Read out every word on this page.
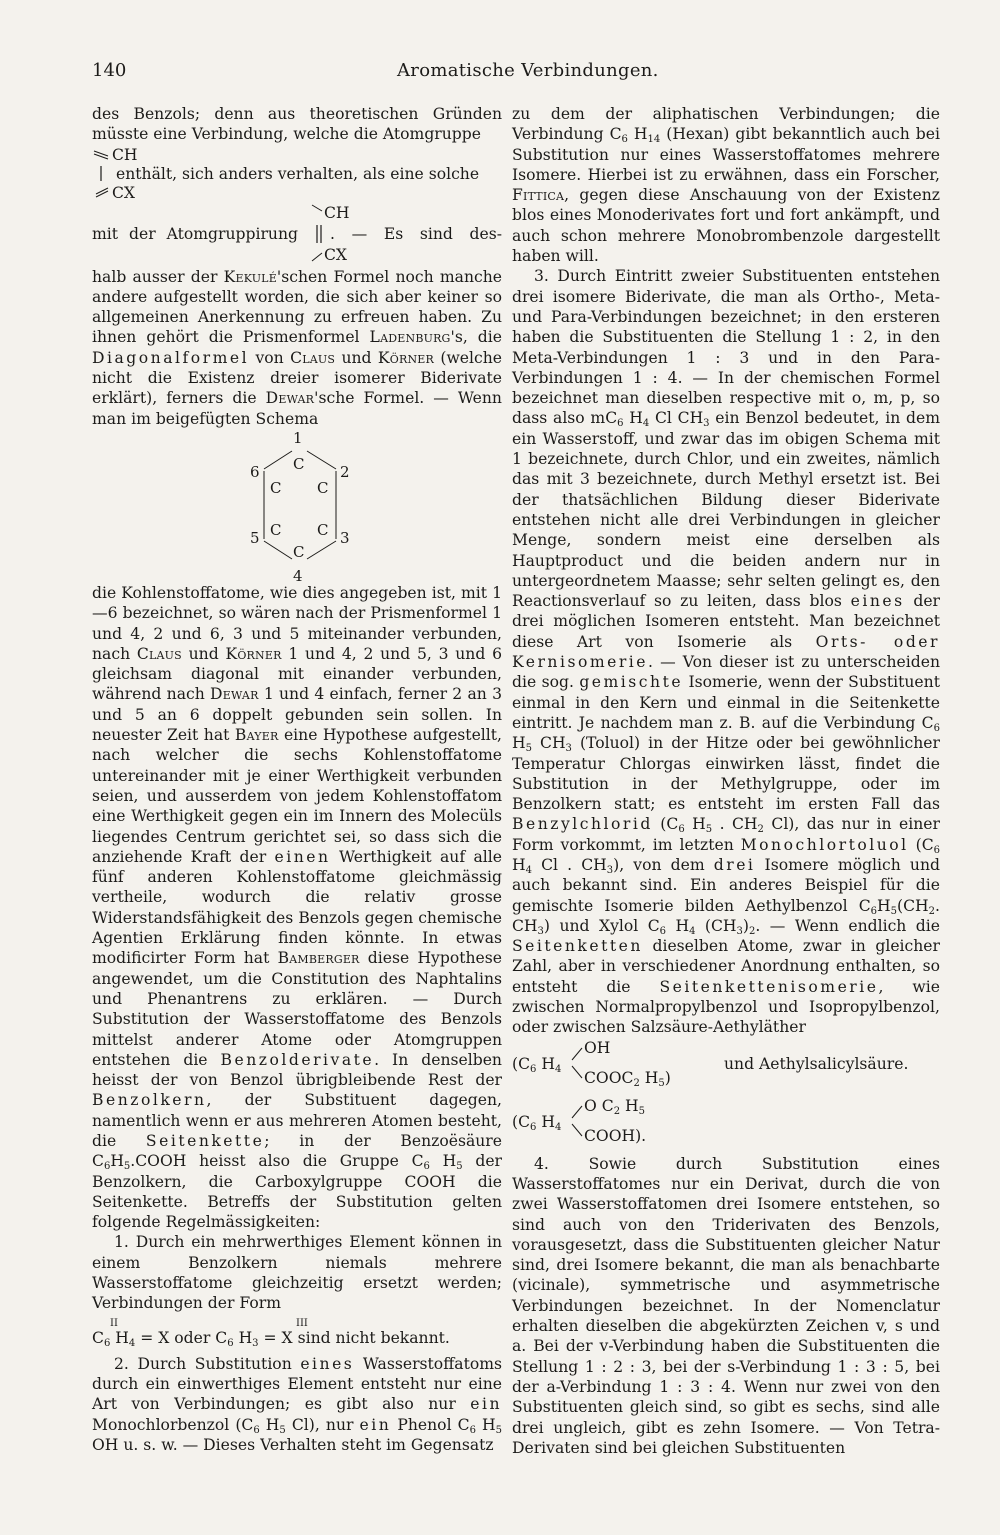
140	Aromatische Verbindungen.

des Benzols; denn aus theoretischen Gründen müsste eine Verbindung, welche die Atomgruppe

CH
enthält, sich anders verhalten, als eine solche
CX
CH
mit der Atomgruppirung . — Es sind des-
CX

halb ausser der Kekulé'schen Formel noch manche andere aufgestellt worden, die sich aber keiner so allgemeinen Anerkennung zu erfreuen haben. Zu ihnen gehört die Prismenformel Ladenburg's, die Diagonalformel von Claus und Körner (welche nicht die Existenz dreier isomerer Biderivate erklärt), ferners die Dewar'sche Formel. — Wenn man im beigefügten Schema

1
2
3
4
5
6 C
C
C
C
C
C

die Kohlenstoffatome, wie dies angegeben ist, mit 1—6 bezeichnet, so wären nach der Prismenformel 1 und 4, 2 und 6, 3 und 5 miteinander verbunden, nach Claus und Körner 1 und 4, 2 und 5, 3 und 6 gleichsam diagonal mit einander verbunden, während nach Dewar 1 und 4 einfach, ferner 2 an 3 und 5 an 6 doppelt gebunden sein sollen. In neuester Zeit hat Bayer eine Hypothese aufgestellt, nach welcher die sechs Kohlenstoffatome untereinander mit je einer Werthigkeit verbunden seien, und ausserdem von jedem Kohlenstoffatom eine Werthigkeit gegen ein im Innern des Molecüls liegendes Centrum gerichtet sei, so dass sich die anziehende Kraft der einen Werthigkeit auf alle fünf anderen Kohlenstoffatome gleichmässig vertheile, wodurch die relativ grosse Widerstandsfähigkeit des Benzols gegen chemische Agentien Erklärung finden könnte. In etwas modificirter Form hat Bamberger diese Hypothese angewendet, um die Constitution des Naphtalins und Phenantrens zu erklären. — Durch Substitution der Wasserstoffatome des Benzols mittelst anderer Atome oder Atomgruppen entstehen die Benzolderivate. In denselben heisst der von Benzol übrigbleibende Rest der Benzolkern, der Substituent dagegen, namentlich wenn er aus mehreren Atomen besteht, die Seitenkette; in der Benzoësäure $C_6H_5.COOH$ heisst also die Gruppe $C_6$ $H_5$ der Benzolkern, die Carboxylgruppe COOH die Seitenkette. Betreffs der Substitution gelten folgende Regelmässigkeiten:

1. Durch ein mehrwerthiges Element können in einem Benzolkern niemals mehrere Wasserstoffatome gleichzeitig ersetzt werden; Verbindungen der Form

II	III
$C_6$ $H_4 = X$ oder $C_6$ $H_3 = X$ sind nicht bekannt.

2. Durch Substitution eines Wasserstoffatoms durch ein einwerthiges Element entsteht nur eine Art von Verbindungen; es gibt also nur ein Monochlorbenzol ($C_6$ $H_5$ Cl), nur ein Phenol $C_6$ $H_5$ OH u. s. w. — Dieses Verhalten steht im Gegensatz

zu dem der aliphatischen Verbindungen; die Verbindung $C_6$ $H_{14}$ (Hexan) gibt bekanntlich auch bei Substitution nur eines Wasserstoffatomes mehrere Isomere. Hierbei ist zu erwähnen, dass ein Forscher, Fittica, gegen diese Anschauung von der Existenz blos eines Monoderivates fort und fort ankämpft, und auch schon mehrere Monobrombenzole dargestellt haben will.

3. Durch Eintritt zweier Substituenten entstehen drei isomere Biderivate, die man als Ortho-, Meta- und Para-Verbindungen bezeichnet; in den ersteren haben die Substituenten die Stellung 1 : 2, in den Meta-Verbindungen 1 : 3 und in den Para-Verbindungen 1 : 4. — In der chemischen Formel bezeichnet man dieselben respective mit o, m, p, so dass also $mC_6$ $H_4$ Cl $CH_3$ ein Benzol bedeutet, in dem ein Wasserstoff, und zwar das im obigen Schema mit 1 bezeichnete, durch Chlor, und ein zweites, nämlich das mit 3 bezeichnete, durch Methyl ersetzt ist. Bei der thatsächlichen Bildung dieser Biderivate entstehen nicht alle drei Verbindungen in gleicher Menge, sondern meist eine derselben als Hauptproduct und die beiden andern nur in untergeordnetem Maasse; sehr selten gelingt es, den Reactionsverlauf so zu leiten, dass blos eines der drei möglichen Isomeren entsteht. Man bezeichnet diese Art von Isomerie als Orts- oder Kernisomerie. — Von dieser ist zu unterscheiden die sog. gemischte Isomerie, wenn der Substituent einmal in den Kern und einmal in die Seitenkette eintritt. Je nachdem man z. B. auf die Verbindung $C_6$ $H_5$ $CH_3$ (Toluol) in der Hitze oder bei gewöhnlicher Temperatur Chlorgas einwirken lässt, findet die Substitution in der Methylgruppe, oder im Benzolkern statt; es entsteht im ersten Fall das Benzylchlorid ($C_6$ $H_5$ . $CH_2$ Cl), das nur in einer Form vorkommt, im letzten Monochlortoluol ($C_6$ $H_4$ Cl . $CH_3$), von dem drei Isomere möglich und auch bekannt sind. Ein anderes Beispiel für die gemischte Isomerie bilden Aethylbenzol $C_6H_5(CH_2$. $CH_3$) und Xylol $C_6$ $H_4$ $(CH_3)_2$. — Wenn endlich die Seitenketten dieselben Atome, zwar in gleicher Zahl, aber in verschiedener Anordnung enthalten, so entsteht die Seitenkettenisomerie, wie zwischen Normalpropylbenzol und Isopropylbenzol, oder zwischen Salzsäure-Aethyläther

($C_6$ $H_4$
OH
$COOC_2$ $H_5$)
und Aethylsalicylsäure.
($C_6$ $H_4$
O $C_2$ $H_5$
COOH).

4. Sowie durch Substitution eines Wasserstoffatomes nur ein Derivat, durch die von zwei Wasserstoffatomen drei Isomere entstehen, so sind auch von den Triderivaten des Benzols, vorausgesetzt, dass die Substituenten gleicher Natur sind, drei Isomere bekannt, die man als benachbarte (vicinale), symmetrische und asymmetrische Verbindungen bezeichnet. In der Nomenclatur erhalten dieselben die abgekürzten Zeichen v, s und a. Bei der v-Verbindung haben die Substituenten die Stellung 1 : 2 : 3, bei der s-Verbindung 1 : 3 : 5, bei der a-Verbindung 1 : 3 : 4. Wenn nur zwei von den Substituenten gleich sind, so gibt es sechs, sind alle drei ungleich, gibt es zehn Isomere. — Von Tetra-Derivaten sind bei gleichen Substituenten
